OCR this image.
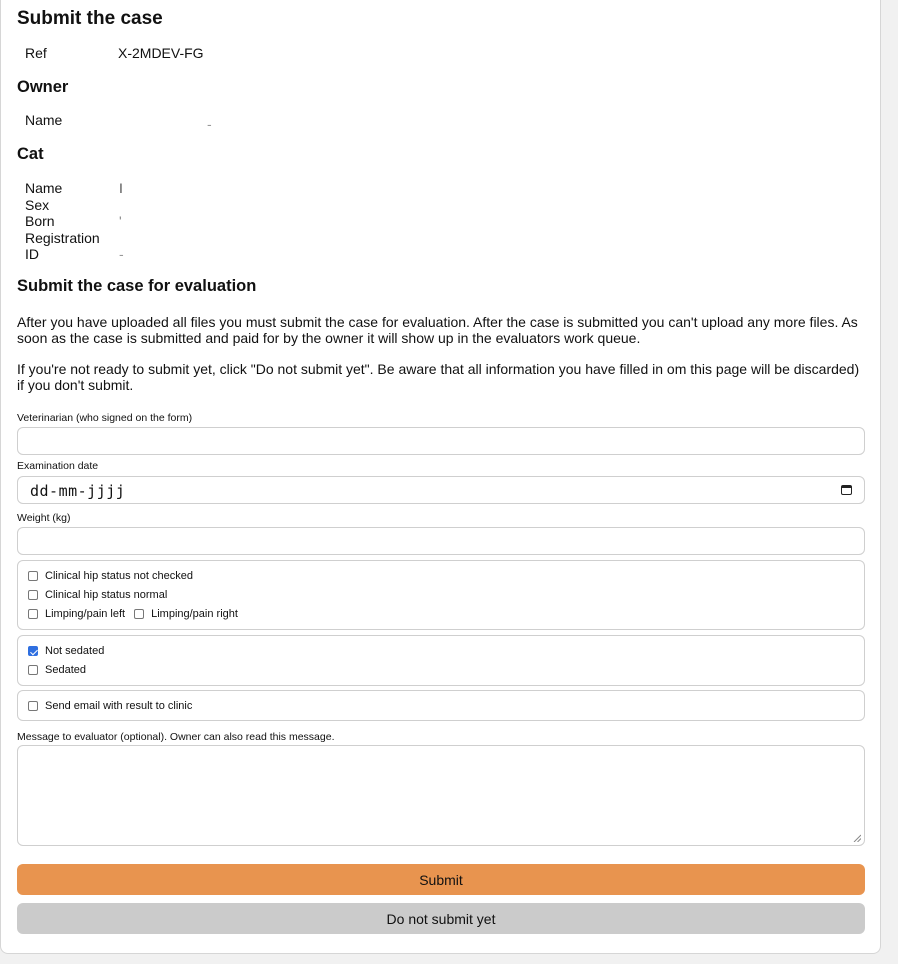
Submit the case
Ref	X-2MDEV-FG
Owner
Name	-
Cat
Name	I
Sex
Born	'
Registration
ID	-
Submit the case for evaluation

After you have uploaded all files you must submit the case for evaluation. After the case is submitted you can't upload any more files. As soon as the case is submitted and paid for by the owner it will show up in the evaluators work queue.

If you're not ready to submit yet, click "Do not submit yet". Be aware that all information you have filled in om this page will be discarded) if you don't submit.

Veterinarian (who signed on the form)
Examination date
dd-mm-jjjj
Weight (kg)
Clinical hip status not checked
Clinical hip status normal
Limping/pain left Limping/pain right
Not sedated
Sedated
Send email with result to clinic
Message to evaluator (optional). Owner can also read this message.
Submit
Do not submit yet
